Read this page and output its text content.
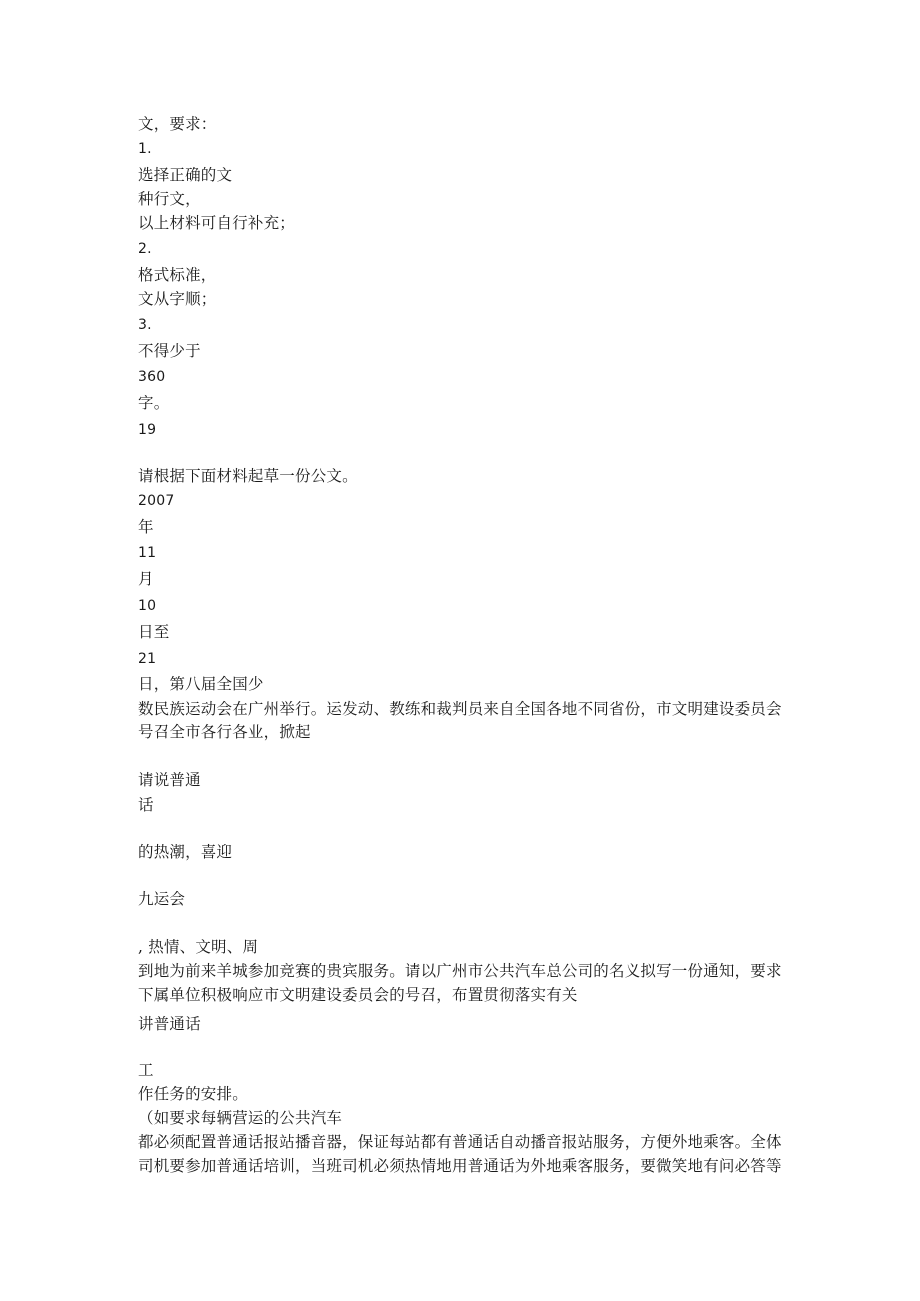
文，要求：
1.
选择正确的文
种行文，
以上材料可自行补充；
2.
格式标准，
文从字顺；
3.
不得少于
360
字。
19
请根据下面材料起草一份公文。
2007
年
11
月
10
日至
21
日，第八届全国少
数民族运动会在广州举行。运发动、教练和裁判员来自全国各地不同省份，市文明建设委员会
号召全市各行各业，掀起
请说普通
话
的热潮，喜迎
九运会
, 热情、文明、周
到地为前来羊城参加竞赛的贵宾服务。请以广州市公共汽车总公司的名义拟写一份通知，要求
下属单位积极响应市文明建设委员会的号召，布置贯彻落实有关
讲普通话
工
作任务的安排。
（如要求每辆营运的公共汽车
都必须配置普通话报站播音器，保证每站都有普通话自动播音报站服务，方便外地乘客。全体
司机要参加普通话培训，当班司机必须热情地用普通话为外地乘客服务，要微笑地有问必答等
